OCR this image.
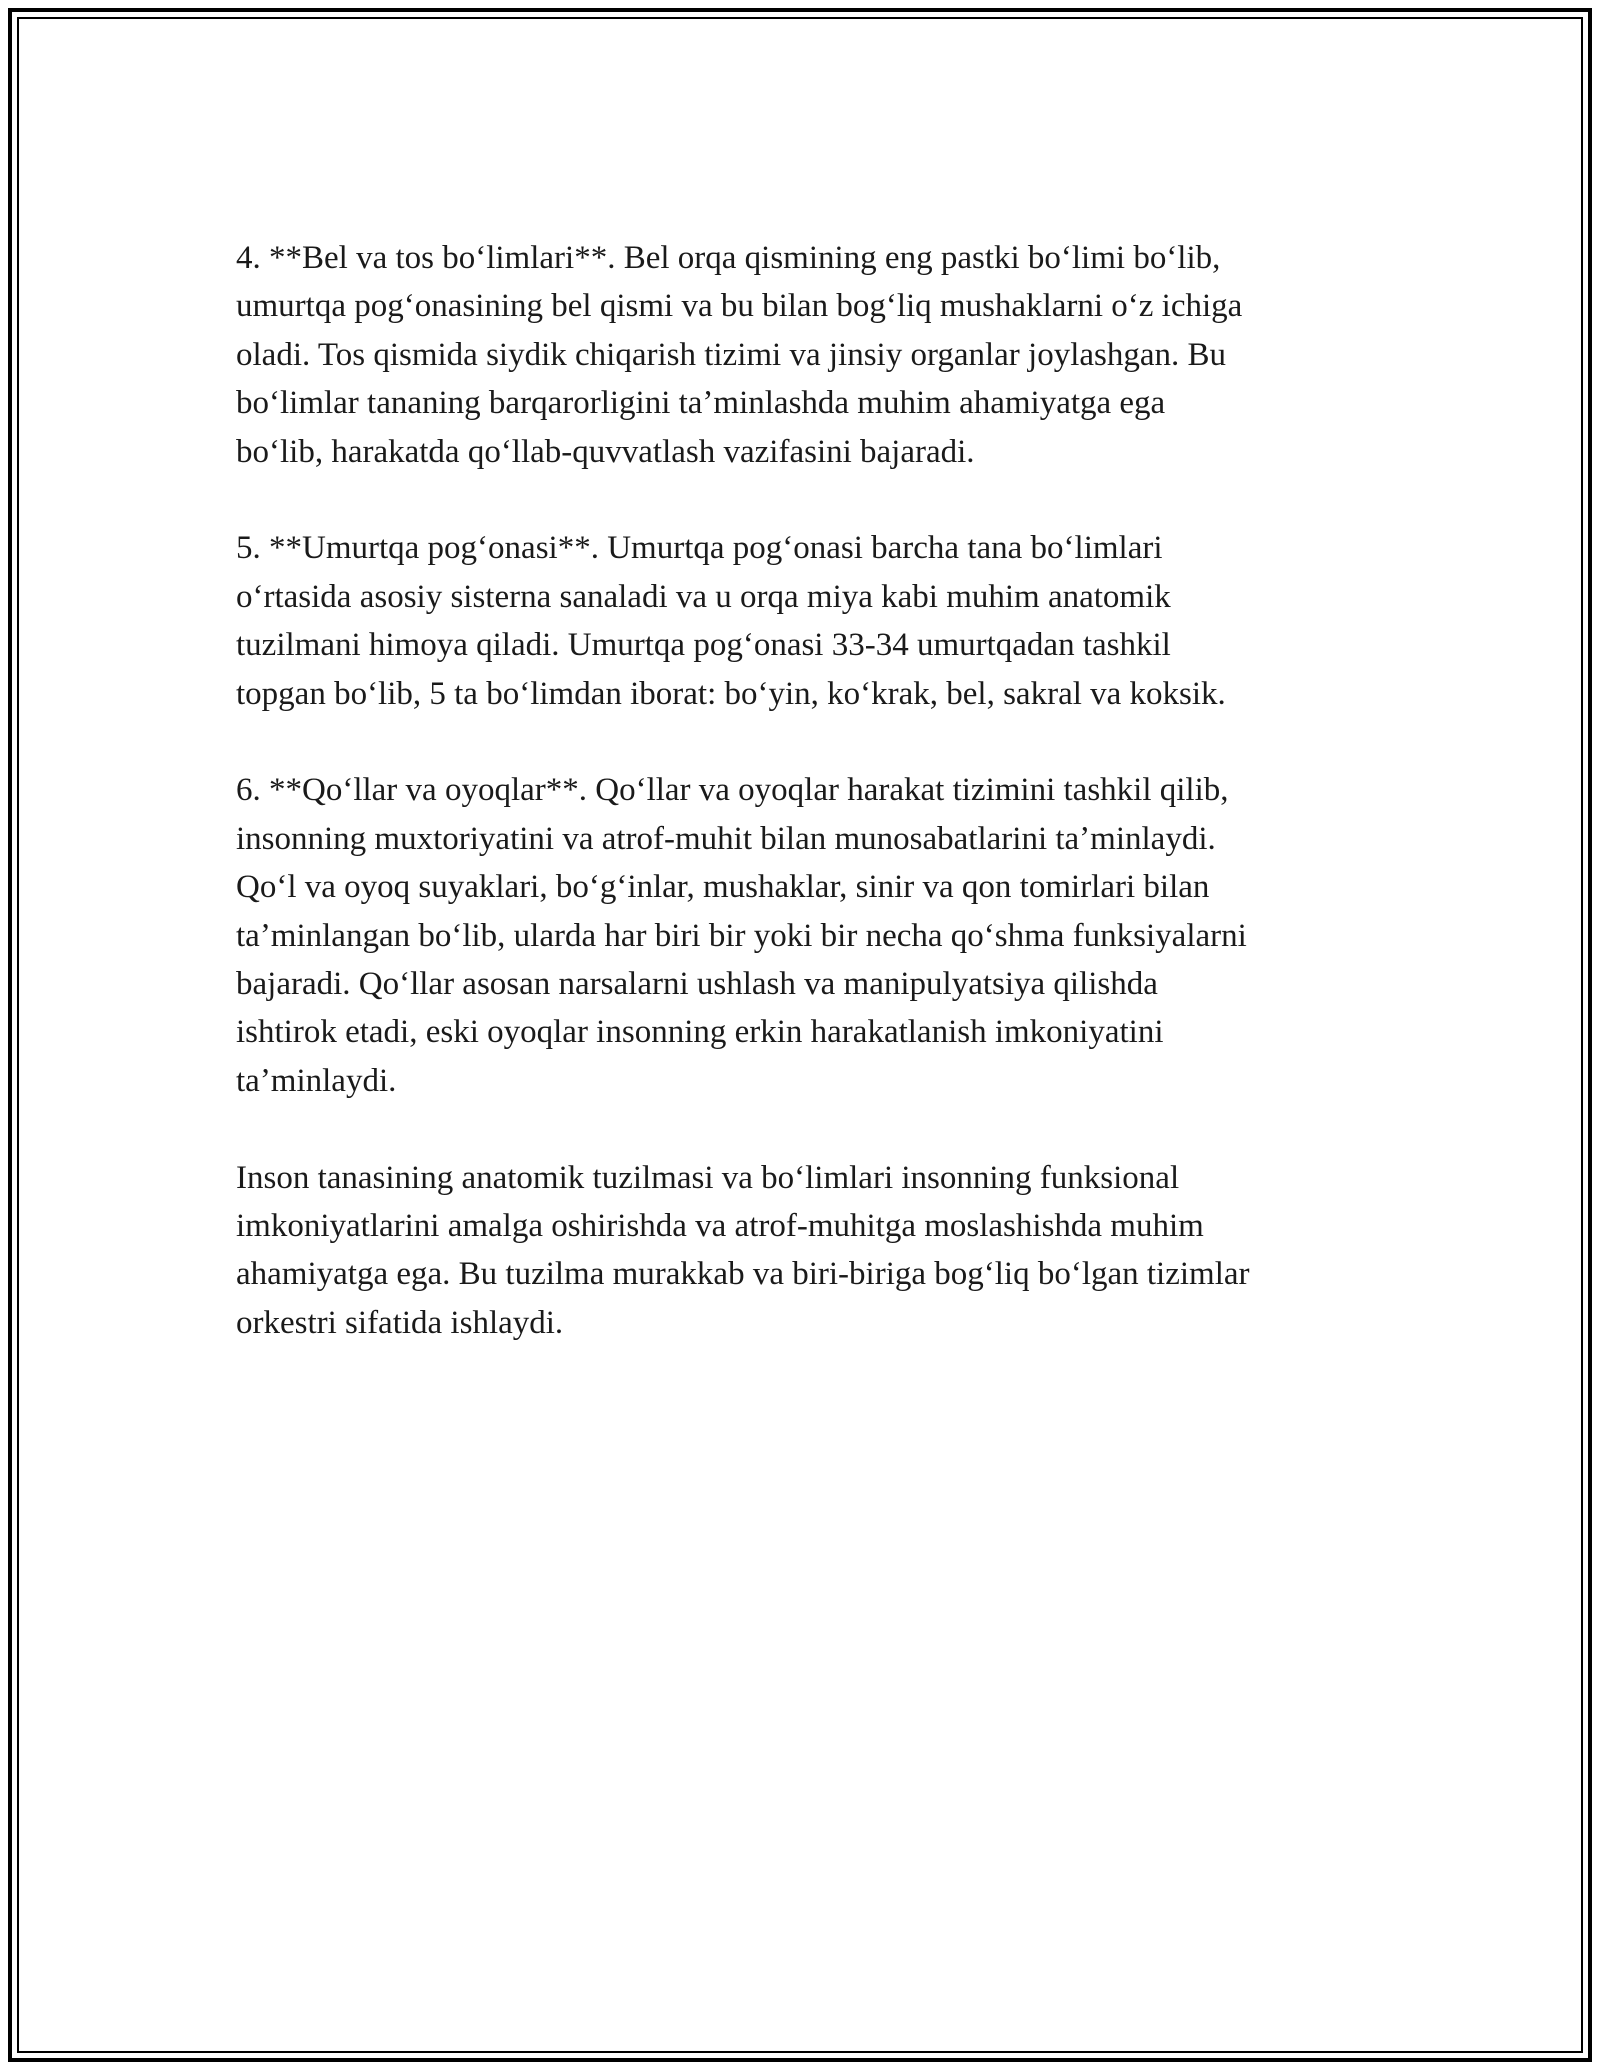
4. **Bel va tos boʻlimlari**. Bel orqa qismining eng pastki boʻlimi boʻlib,
umurtqa pogʻonasining bel qismi va bu bilan bogʻliq mushaklarni oʻz ichiga
oladi. Tos qismida siydik chiqarish tizimi va jinsiy organlar joylashgan. Bu
boʻlimlar tananing barqarorligini taʼminlashda muhim ahamiyatga ega
boʻlib, harakatda qoʻllab-quvvatlash vazifasini bajaradi.

5. **Umurtqa pogʻonasi**. Umurtqa pogʻonasi barcha tana boʻlimlari
oʻrtasida asosiy sisterna sanaladi va u orqa miya kabi muhim anatomik
tuzilmani himoya qiladi. Umurtqa pogʻonasi 33-34 umurtqadan tashkil
topgan boʻlib, 5 ta boʻlimdan iborat: boʻyin, koʻkrak, bel, sakral va koksik.

6. **Qoʻllar va oyoqlar**. Qoʻllar va oyoqlar harakat tizimini tashkil qilib,
insonning muxtoriyatini va atrof-muhit bilan munosabatlarini taʼminlaydi.
Qoʻl va oyoq suyaklari, boʻgʻinlar, mushaklar, sinir va qon tomirlari bilan
taʼminlangan boʻlib, ularda har biri bir yoki bir necha qoʻshma funksiyalarni
bajaradi. Qoʻllar asosan narsalarni ushlash va manipulyatsiya qilishda
ishtirok etadi, eski oyoqlar insonning erkin harakatlanish imkoniyatini
taʼminlaydi.

Inson tanasining anatomik tuzilmasi va boʻlimlari insonning funksional
imkoniyatlarini amalga oshirishda va atrof-muhitga moslashishda muhim
ahamiyatga ega. Bu tuzilma murakkab va biri-biriga bogʻliq boʻlgan tizimlar
orkestri sifatida ishlaydi.
